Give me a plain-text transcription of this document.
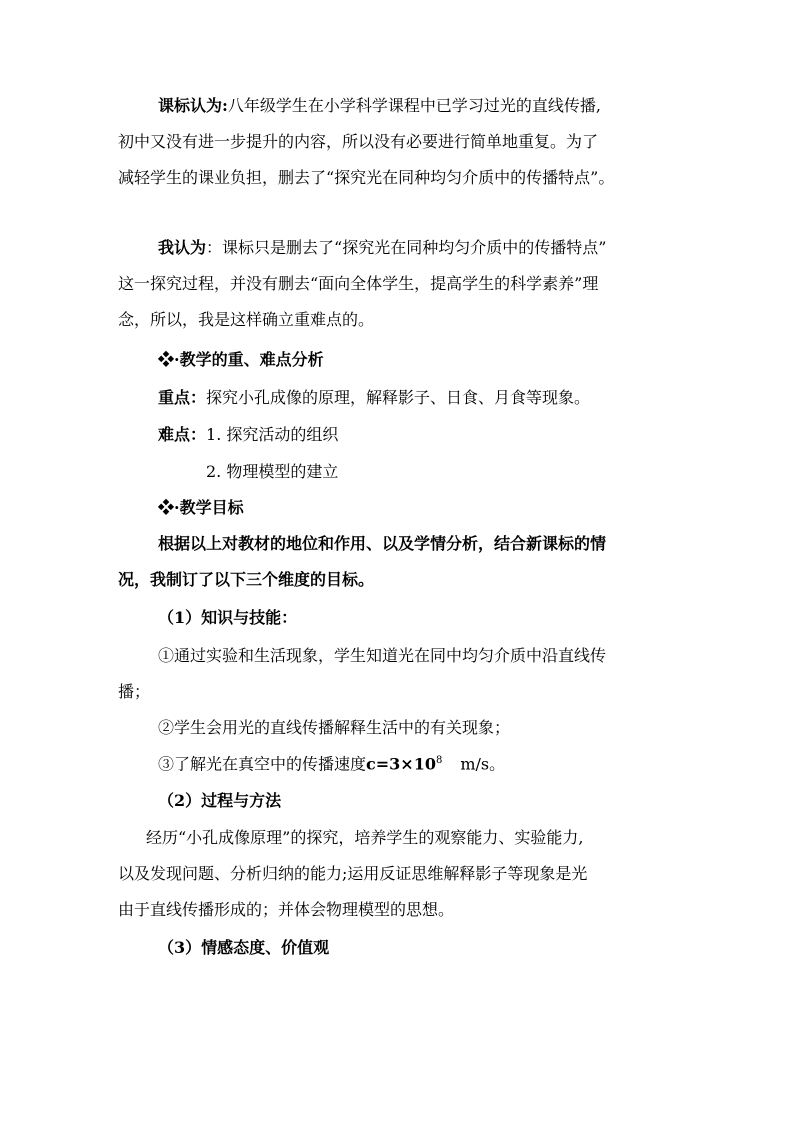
课标认为:八年级学生在小学科学课程中已学习过光的直线传播,
初中又没有进一步提升的内容，所以没有必要进行简单地重复。为了
减轻学生的课业负担，删去了“探究光在同种均匀介质中的传播特点”。
我认为：课标只是删去了“探究光在同种均匀介质中的传播特点”
这一探究过程，并没有删去“面向全体学生，提高学生的科学素养”理
念，所以，我是这样确立重难点的。
❖·教学的重、难点分析
重点：探究小孔成像的原理，解释影子、日食、月食等现象。
难点：1. 探究活动的组织
2. 物理模型的建立
❖·教学目标
根据以上对教材的地位和作用、以及学情分析，结合新课标的情
况，我制订了以下三个维度的目标。
（1）知识与技能：
①通过实验和生活现象，学生知道光在同中均匀介质中沿直线传
播；
②学生会用光的直线传播解释生活中的有关现象；
③了解光在真空中的传播速度$c=3\times 10^8$ m/s。
（2）过程与方法
经历“小孔成像原理”的探究，培养学生的观察能力、实验能力,
以及发现问题、分析归纳的能力;运用反证思维解释影子等现象是光
由于直线传播形成的；并体会物理模型的思想。
（3）情感态度、价值观
